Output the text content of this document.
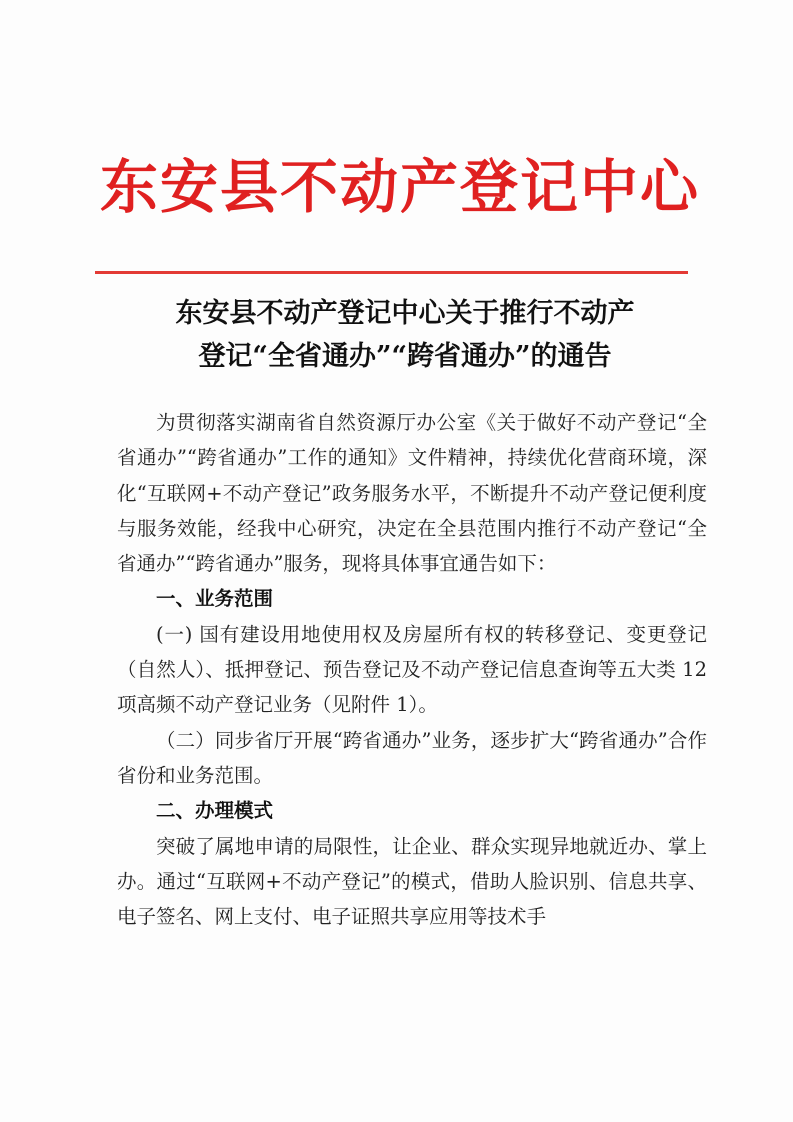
东安县不动产登记中心
东安县不动产登记中心关于推行不动产
登记“全省通办”“跨省通办”的通告

为贯彻落实湖南省自然资源厅办公室《关于做好不动产登记“全省通办”“跨省通办”工作的通知》文件精神，持续优化营商环境，深化“互联网+不动产登记”政务服务水平，不断提升不动产登记便利度与服务效能，经我中心研究，决定在全县范围内推行不动产登记“全省通办”“跨省通办”服务，现将具体事宜通告如下：

一、业务范围

(一) 国有建设用地使用权及房屋所有权的转移登记、变更登记（自然人）、抵押登记、预告登记及不动产登记信息查询等五大类 12 项高频不动产登记业务（见附件 1）。

（二）同步省厅开展“跨省通办”业务，逐步扩大“跨省通办”合作省份和业务范围。

二、办理模式

突破了属地申请的局限性，让企业、群众实现异地就近办、掌上办。通过“互联网+不动产登记”的模式，借助人脸识别、信息共享、电子签名、网上支付、电子证照共享应用等技术手
